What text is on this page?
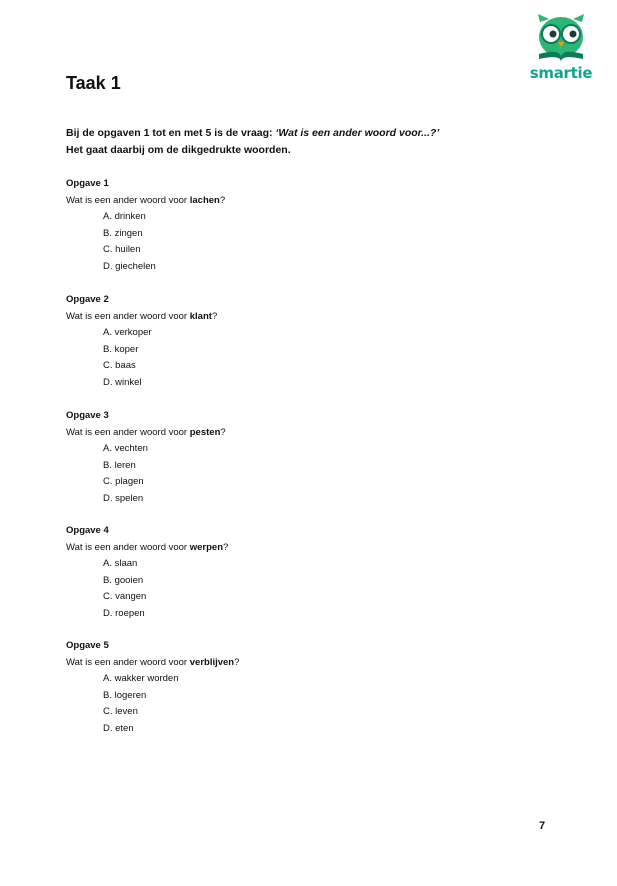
smartie
Taak 1
Bij de opgaven 1 tot en met 5 is de vraag: ‘Wat is een ander woord voor...?’
Het gaat daarbij om de dikgedrukte woorden.
Opgave 1
Wat is een ander woord voor lachen?
A. drinken
B. zingen
C. huilen
D. giechelen
Opgave 2
Wat is een ander woord voor klant?
A. verkoper
B. koper
C. baas
D. winkel
Opgave 3
Wat is een ander woord voor pesten?
A. vechten
B. leren
C. plagen
D. spelen
Opgave 4
Wat is een ander woord voor werpen?
A. slaan
B. gooien
C. vangen
D. roepen
Opgave 5
Wat is een ander woord voor verblijven?
A. wakker worden
B. logeren
C. leven
D. eten
7
